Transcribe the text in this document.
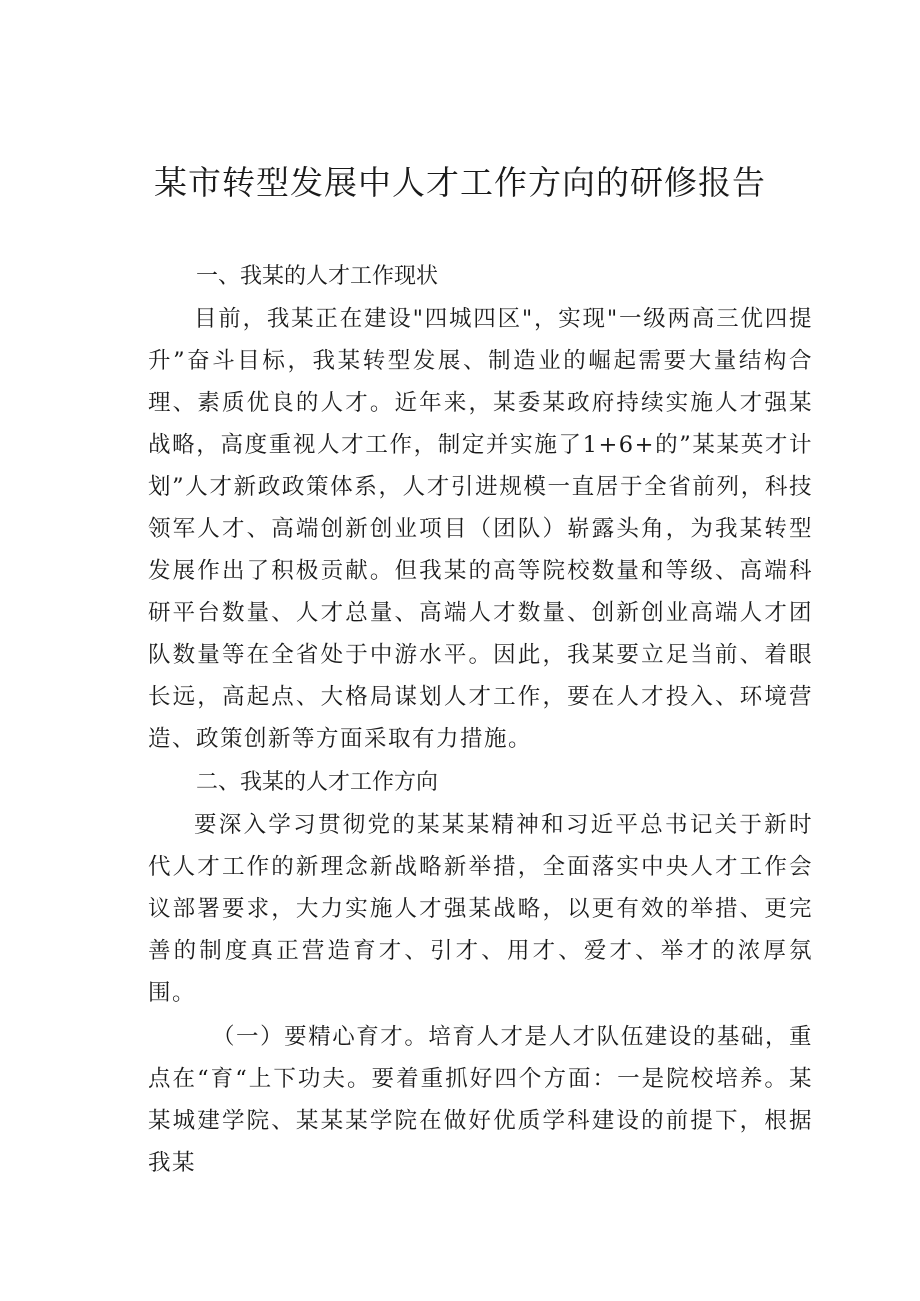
某市转型发展中人才工作方向的研修报告
一、我某的人才工作现状

目前，我某正在建设"四城四区"，实现"一级两高三优四提升”奋斗目标，我某转型发展、制造业的崛起需要大量结构合理、素质优良的人才。近年来，某委某政府持续实施人才强某战略，高度重视人才工作，制定并实施了1+6+的”某某英才计划”人才新政政策体系，人才引进规模一直居于全省前列，科技领军人才、高端创新创业项目（团队）崭露头角，为我某转型发展作出了积极贡献。但我某的高等院校数量和等级、高端科研平台数量、人才总量、高端人才数量、创新创业高端人才团队数量等在全省处于中游水平。因此，我某要立足当前、着眼长远，高起点、大格局谋划人才工作，要在人才投入、环境营造、政策创新等方面采取有力措施。

二、我某的人才工作方向

要深入学习贯彻党的某某某精神和习近平总书记关于新时代人才工作的新理念新战略新举措，全面落实中央人才工作会议部署要求，大力实施人才强某战略，以更有效的举措、更完善的制度真正营造育才、引才、用才、爱才、举才的浓厚氛围。

（一）要精心育才。培育人才是人才队伍建设的基础，重点在“育“上下功夫。要着重抓好四个方面：一是院校培养。某某城建学院、某某某学院在做好优质学科建设的前提下，根据我某
